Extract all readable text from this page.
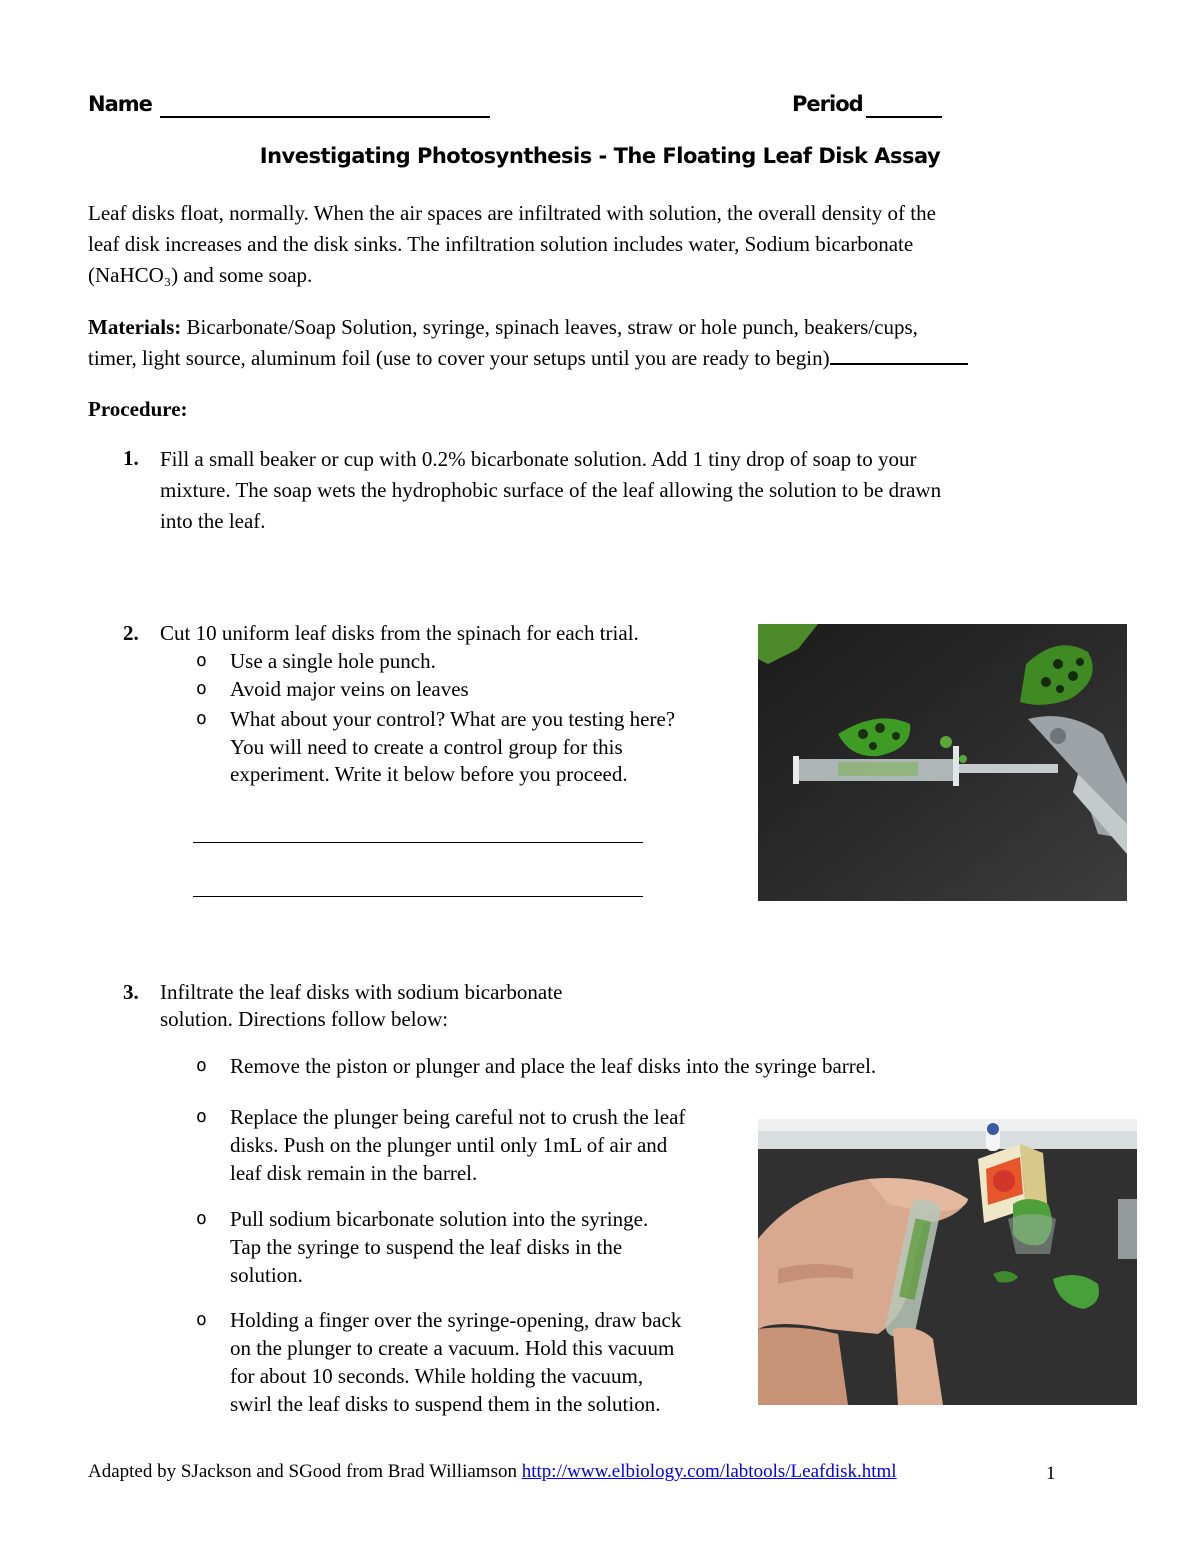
Name	Period
Investigating Photosynthesis - The Floating Leaf Disk Assay
Leaf disks float, normally. When the air spaces are infiltrated with solution, the overall density of the
leaf disk increases and the disk sinks. The infiltration solution includes water, Sodium bicarbonate
(NaHCO₃) and some soap.
Materials: Bicarbonate/Soap Solution, syringe, spinach leaves, straw or hole punch, beakers/cups,
timer, light source, aluminum foil (use to cover your setups until you are ready to begin)
Procedure:
1. Fill a small beaker or cup with 0.2% bicarbonate solution. Add 1 tiny drop of soap to your
mixture. The soap wets the hydrophobic surface of the leaf allowing the solution to be drawn
into the leaf.
2. Cut 10 uniform leaf disks from the spinach for each trial.
o Use a single hole punch.
o Avoid major veins on leaves
o What about your control? What are you testing here?
You will need to create a control group for this
experiment. Write it below before you proceed.
3. Infiltrate the leaf disks with sodium bicarbonate
solution. Directions follow below:
o Remove the piston or plunger and place the leaf disks into the syringe barrel.
o Replace the plunger being careful not to crush the leaf
disks. Push on the plunger until only 1mL of air and
leaf disk remain in the barrel.
o Pull sodium bicarbonate solution into the syringe.
Tap the syringe to suspend the leaf disks in the
solution.
o Holding a finger over the syringe-opening, draw back
on the plunger to create a vacuum. Hold this vacuum
for about 10 seconds. While holding the vacuum,
swirl the leaf disks to suspend them in the solution.
Adapted by SJackson and SGood from Brad Williamson http://www.elbiology.com/labtools/Leafdisk.html	1
